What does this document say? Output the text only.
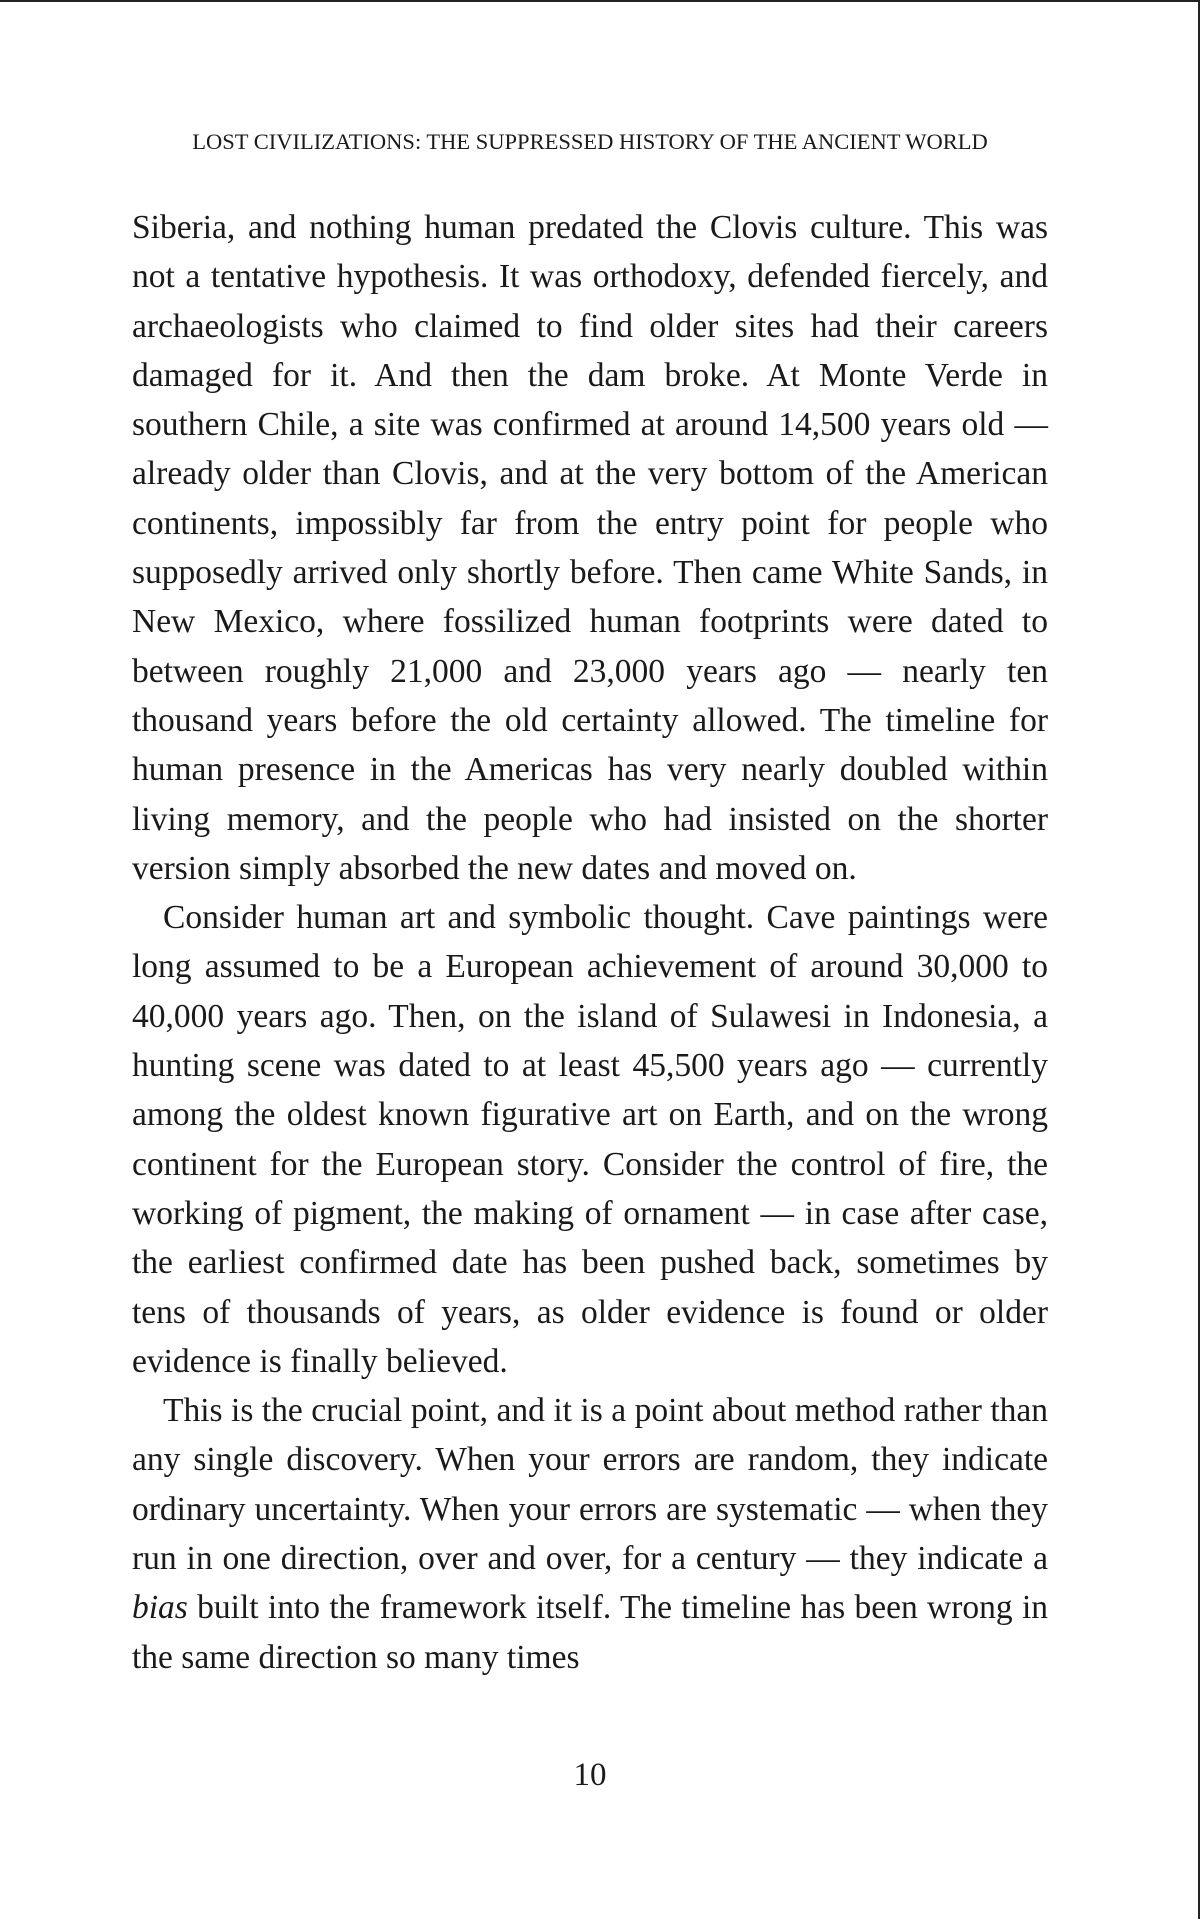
LOST CIVILIZATIONS: THE SUPPRESSED HISTORY OF THE ANCIENT WORLD

Siberia, and nothing human predated the Clovis culture. This was not a tentative hypothesis. It was orthodoxy, defended fiercely, and archaeologists who claimed to find older sites had their careers damaged for it. And then the dam broke. At Monte Verde in southern Chile, a site was confirmed at around 14,500 years old — already older than Clovis, and at the very bottom of the American continents, impossibly far from the entry point for people who supposedly arrived only shortly before. Then came White Sands, in New Mexico, where fossilized human footprints were dated to between roughly 21,000 and 23,000 years ago — nearly ten thousand years before the old certainty allowed. The timeline for human presence in the Americas has very nearly doubled within living memory, and the people who had insisted on the shorter version simply absorbed the new dates and moved on.

Consider human art and symbolic thought. Cave paintings were long assumed to be a European achievement of around 30,000 to 40,000 years ago. Then, on the island of Sulawesi in Indonesia, a hunting scene was dated to at least 45,500 years ago — currently among the oldest known figurative art on Earth, and on the wrong continent for the European story. Consider the control of fire, the working of pigment, the making of ornament — in case after case, the earliest confirmed date has been pushed back, sometimes by tens of thousands of years, as older evidence is found or older evidence is finally believed.

This is the crucial point, and it is a point about method rather than any single discovery. When your errors are random, they indicate ordinary uncertainty. When your errors are systematic — when they run in one direction, over and over, for a century — they indicate a bias built into the framework itself. The timeline has been wrong in the same direction so many times

10
